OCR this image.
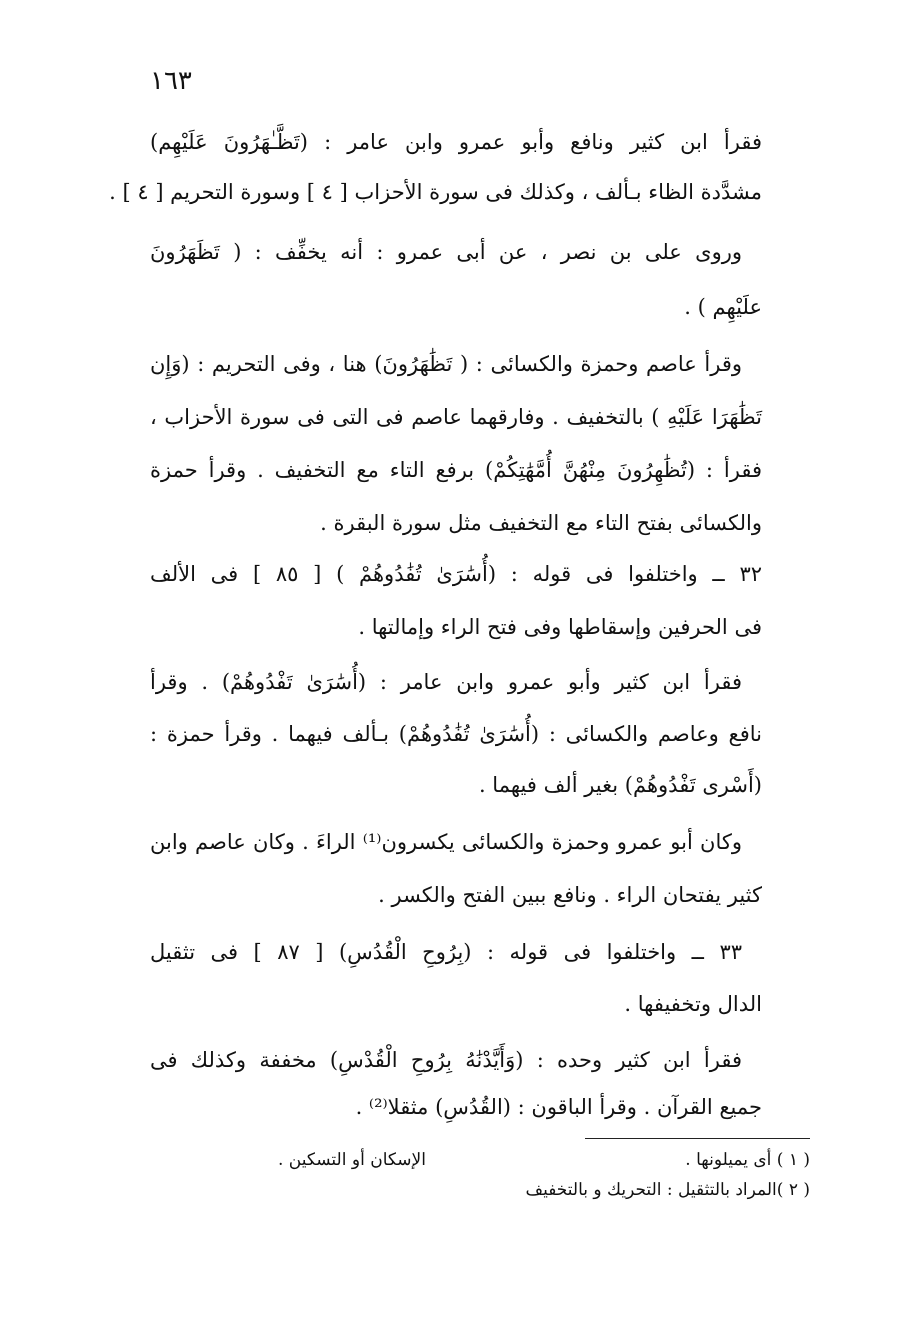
١٦٣
فقرأ ابن كثير ونافع وأبو عمرو وابن عامر : (تَظَّـٰهَرُونَ عَلَيْهِم)
مشدَّدة الظاء بـألف ، وكذلك فى سورة الأحزاب [ ٤ ] وسورة التحريم [ ٤ ] .
وروى على بن نصر ، عن أبى عمرو : أنه يخفِّف : ( تَظَهَرُونَ
علَيْهِم ) .
وقرأ عاصم وحمزة والكسائى : ( تَظَٰهَرُونَ) هنا ، وفى التحريم : (وَإِن
تَظَٰهَرَا عَلَيْهِ ) بالتخفيف . وفارقهما عاصم فى التى فى سورة الأحزاب ،
فقرأ : (تُظَٰهِرُونَ مِنْهُنَّ أُمَّهَٰتِكُمْ) برفع التاء مع التخفيف . وقرأ حمزة
والكسائى بفتح التاء مع التخفيف مثل سورة البقرة .
٣٢ ــ واختلفوا فى قوله : (أُسَٰرَىٰ تُفَٰدُوهُمْ ) [ ٨٥ ] فى الألف
فى الحرفين وإسقاطها وفى فتح الراء وإمالتها .
فقرأ ابن كثير وأبو عمرو وابن عامر : (أُسَٰرَىٰ تَفْدُوهُمْ) . وقرأ
نافع وعاصم والكسائى : (أُسَٰرَىٰ تُفَٰدُوهُمْ) بـألف فيهما . وقرأ حمزة :
(أَسْرى تَفْدُوهُمْ) بغير ألف فيهما .
وكان أبو عمرو وحمزة والكسائى يكسرون⁽¹⁾ الراءَ . وكان عاصم وابن
كثير يفتحان الراء . ونافع ببين الفتح والكسر .
٣٣ ــ واختلفوا فى قوله : (بِرُوحِ الْقُدُسِ) [ ٨٧ ] فى تثقيل
الدال وتخفيفها .
فقرأ ابن كثير وحده : (وَأَيَّدْنَٰهُ بِرُوحِ الْقُدْسِ) مخففة وكذلك فى
جميع القرآن . وقرأ الباقون : (القُدُسِ) مثقلا⁽²⁾ .
( ١ ) أى يميلونها .
( ٢ )المراد بالتثقيل : التحريك و بالتخفيف
الإسكان أو التسكين .
